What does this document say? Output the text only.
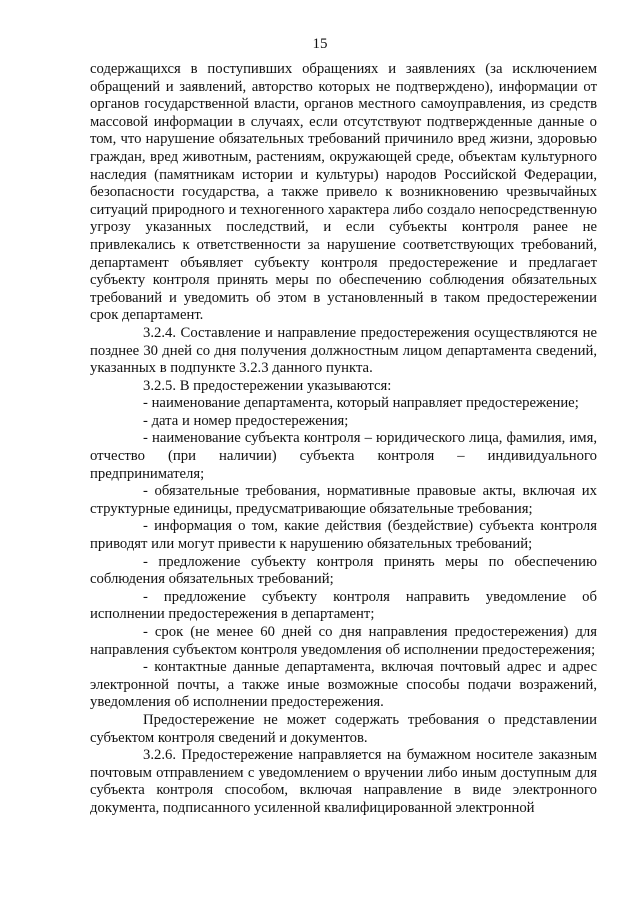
15

содержащихся в поступивших обращениях и заявлениях (за исключением обращений и заявлений, авторство которых не подтверждено), информации от органов государственной власти, органов местного самоуправления, из средств массовой информации в случаях, если отсутствуют подтвержденные данные о том, что нарушение обязательных требований причинило вред жизни, здоровью граждан, вред животным, растениям, окружающей среде, объектам культурного наследия (памятникам истории и культуры) народов Российской Федерации, безопасности государства, а также привело к возникновению чрезвычайных ситуаций природного и техногенного характера либо создало непосредственную угрозу указанных последствий, и если субъекты контроля ранее не привлекались к ответственности за нарушение соответствующих требований, департамент объявляет субъекту контроля предостережение и предлагает субъекту контроля принять меры по обеспечению соблюдения обязательных требований и уведомить об этом в установленный в таком предостережении срок департамент.

3.2.4. Составление и направление предостережения осуществляются не позднее 30 дней со дня получения должностным лицом департамента сведений, указанных в подпункте 3.2.3 данного пункта.

3.2.5. В предостережении указываются:

- наименование департамента, который направляет предостережение;

- дата и номер предостережения;

- наименование субъекта контроля – юридического лица, фамилия, имя, отчество (при наличии) субъекта контроля – индивидуального предпринимателя;

- обязательные требования, нормативные правовые акты, включая их структурные единицы, предусматривающие обязательные требования;

- информация о том, какие действия (бездействие) субъекта контроля приводят или могут привести к нарушению обязательных требований;

- предложение субъекту контроля принять меры по обеспечению соблюдения обязательных требований;

- предложение субъекту контроля направить уведомление об исполнении предостережения в департамент;

- срок (не менее 60 дней со дня направления предостережения) для направления субъектом контроля уведомления об исполнении предостережения;

- контактные данные департамента, включая почтовый адрес и адрес электронной почты, а также иные возможные способы подачи возражений, уведомления об исполнении предостережения.

Предостережение не может содержать требования о представлении субъектом контроля сведений и документов.

3.2.6. Предостережение направляется на бумажном носителе заказным почтовым отправлением с уведомлением о вручении либо иным доступным для субъекта контроля способом, включая направление в виде электронного документа, подписанного усиленной квалифицированной электронной
